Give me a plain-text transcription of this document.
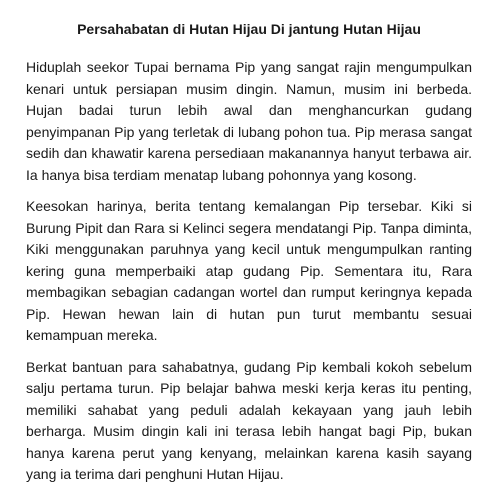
Persahabatan di Hutan Hijau Di jantung Hutan Hijau

Hiduplah seekor Tupai bernama Pip yang sangat rajin mengumpulkan kenari untuk persiapan musim dingin. Namun, musim ini berbeda. Hujan badai turun lebih awal dan menghancurkan gudang penyimpanan Pip yang terletak di lubang pohon tua. Pip merasa sangat sedih dan khawatir karena persediaan makanannya hanyut terbawa air. Ia hanya bisa terdiam menatap lubang pohonnya yang kosong.

Keesokan harinya, berita tentang kemalangan Pip tersebar. Kiki si Burung Pipit dan Rara si Kelinci segera mendatangi Pip. Tanpa diminta, Kiki menggunakan paruhnya yang kecil untuk mengumpulkan ranting kering guna memperbaiki atap gudang Pip. Sementara itu, Rara membagikan sebagian cadangan wortel dan rumput keringnya kepada Pip. Hewan hewan lain di hutan pun turut membantu sesuai kemampuan mereka.

Berkat bantuan para sahabatnya, gudang Pip kembali kokoh sebelum salju pertama turun. Pip belajar bahwa meski kerja keras itu penting, memiliki sahabat yang peduli adalah kekayaan yang jauh lebih berharga. Musim dingin kali ini terasa lebih hangat bagi Pip, bukan hanya karena perut yang kenyang, melainkan karena kasih sayang yang ia terima dari penghuni Hutan Hijau.
